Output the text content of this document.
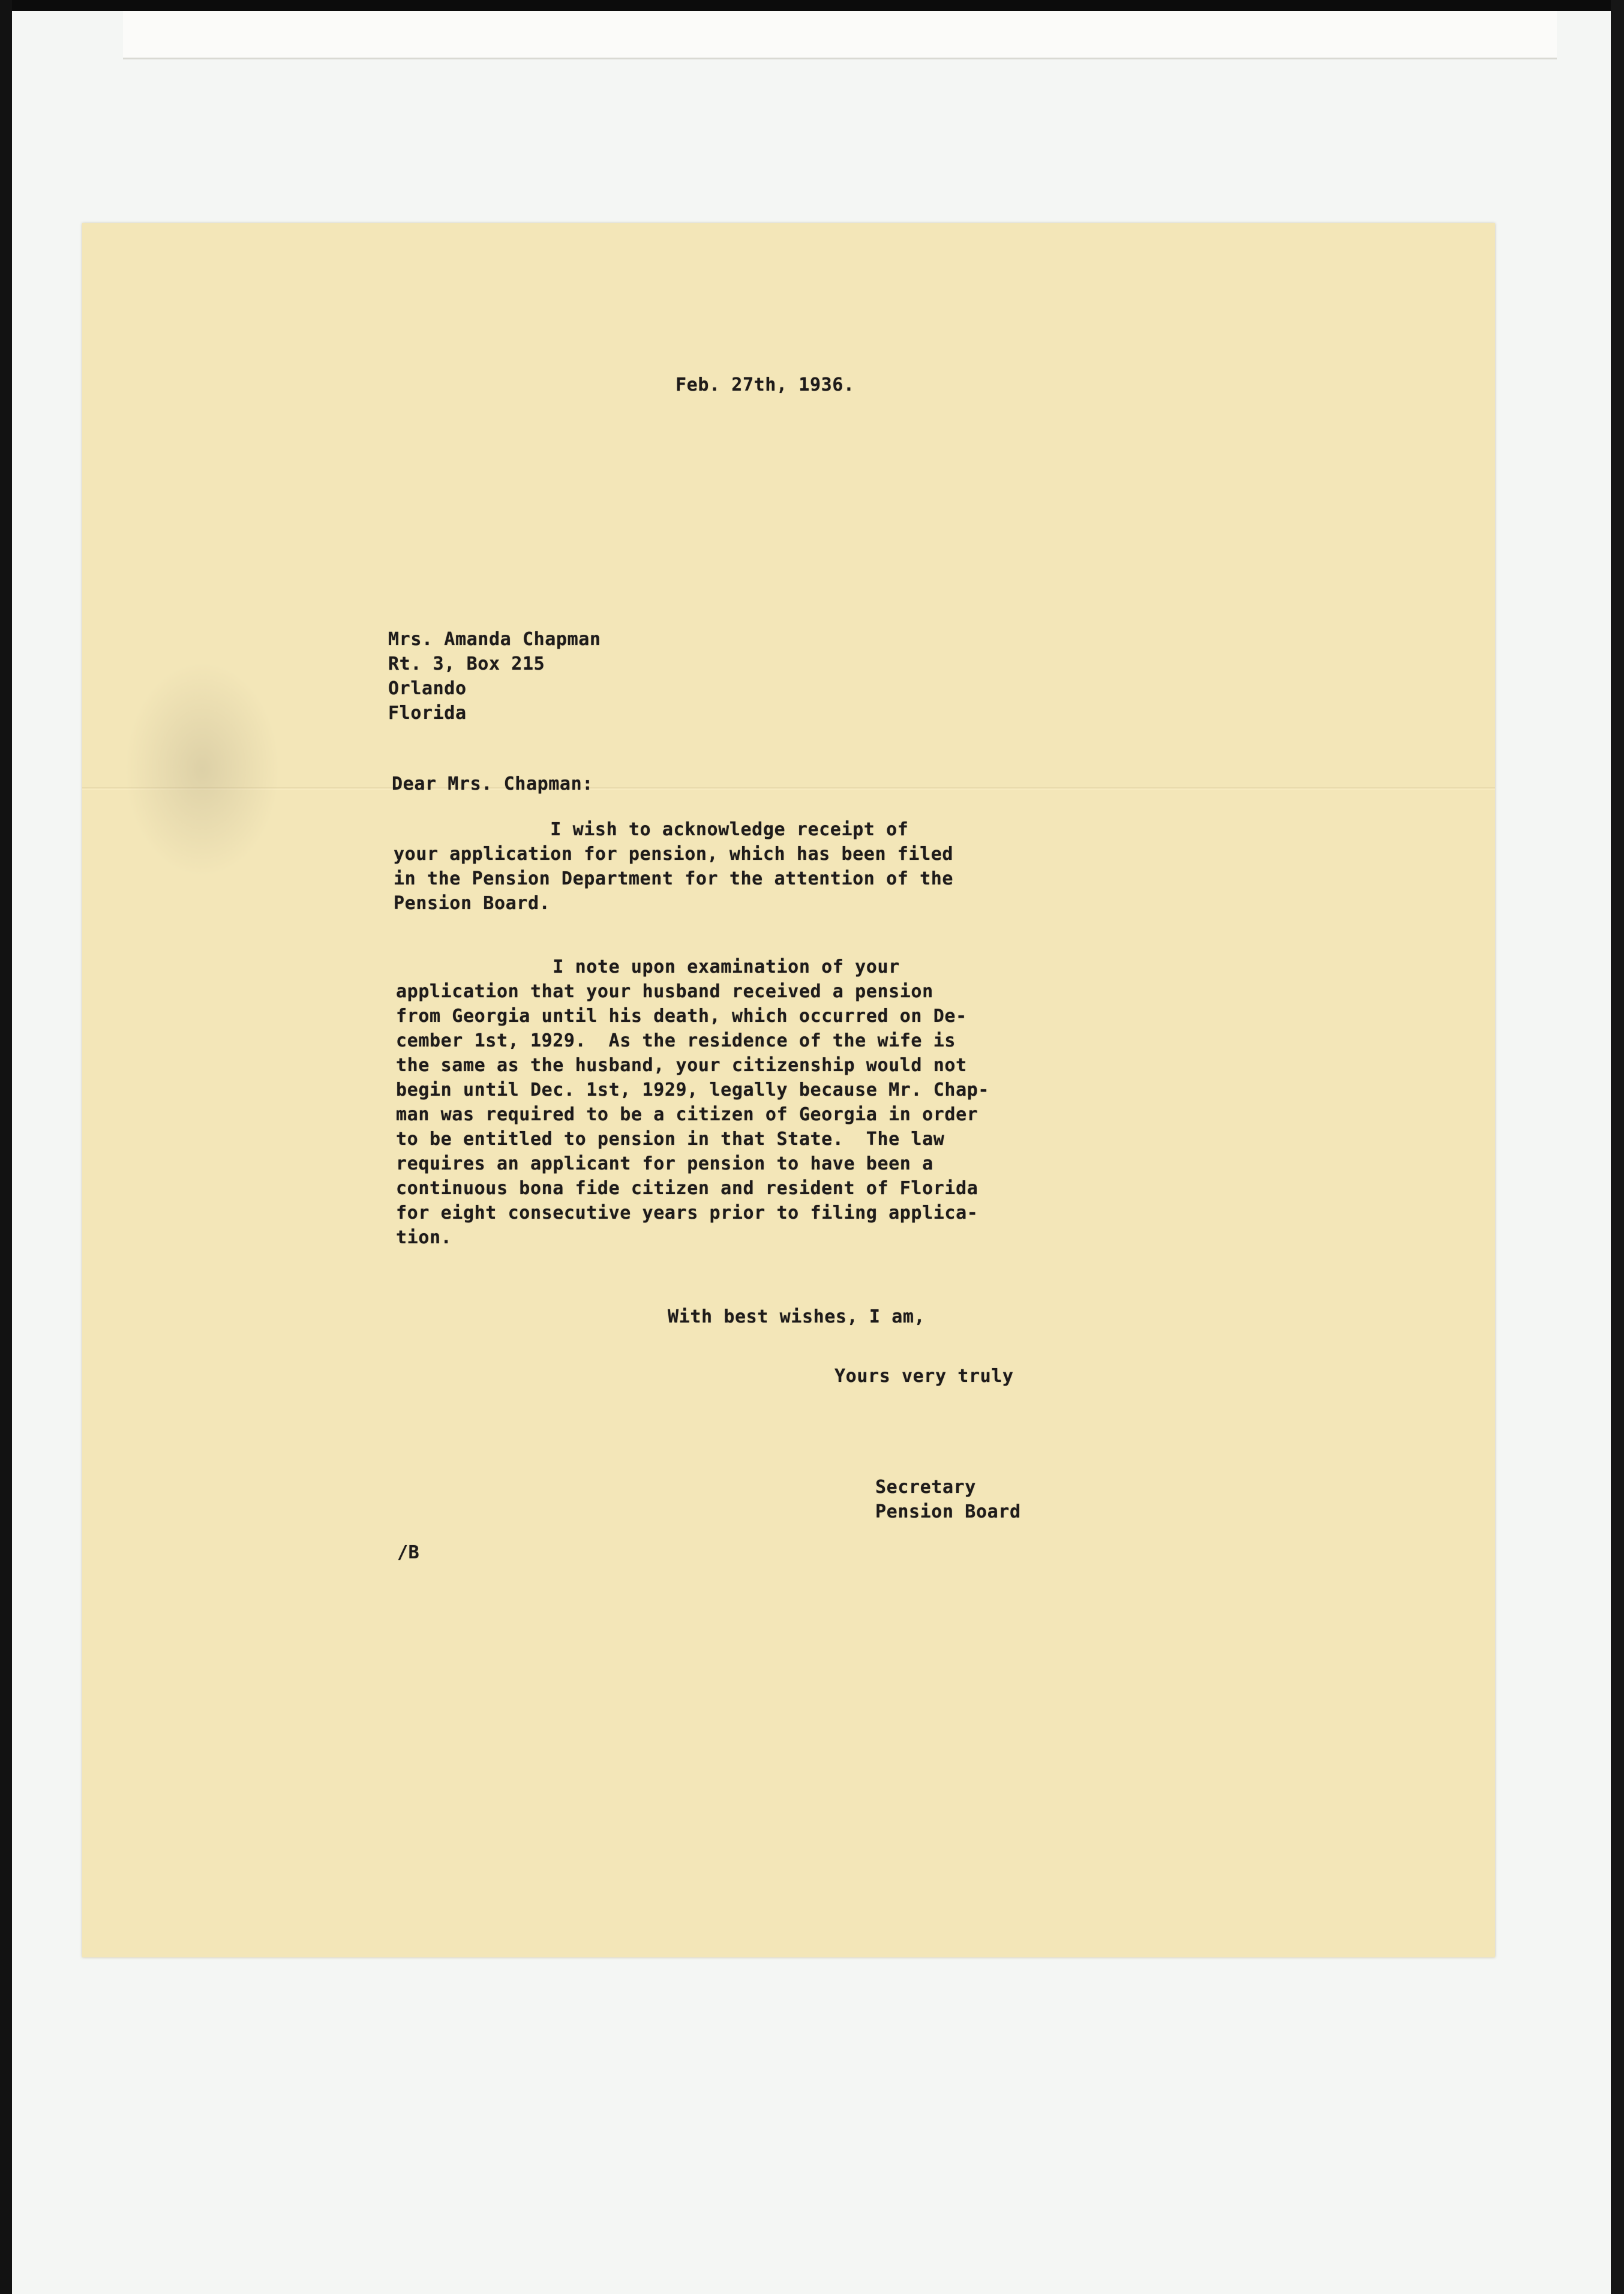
Feb. 27th, 1936.
Mrs. Amanda Chapman
Rt. 3, Box 215
Orlando
Florida
Dear Mrs. Chapman:
I wish to acknowledge receipt of
your application for pension, which has been filed
in the Pension Department for the attention of the
Pension Board.
I note upon examination of your
application that your husband received a pension
from Georgia until his death, which occurred on De-
cember 1st, 1929.  As the residence of the wife is
the same as the husband, your citizenship would not
begin until Dec. 1st, 1929, legally because Mr. Chap-
man was required to be a citizen of Georgia in order
to be entitled to pension in that State.  The law
requires an applicant for pension to have been a
continuous bona fide citizen and resident of Florida
for eight consecutive years prior to filing applica-
tion.
With best wishes, I am,
Yours very truly
Secretary
Pension Board
/B
